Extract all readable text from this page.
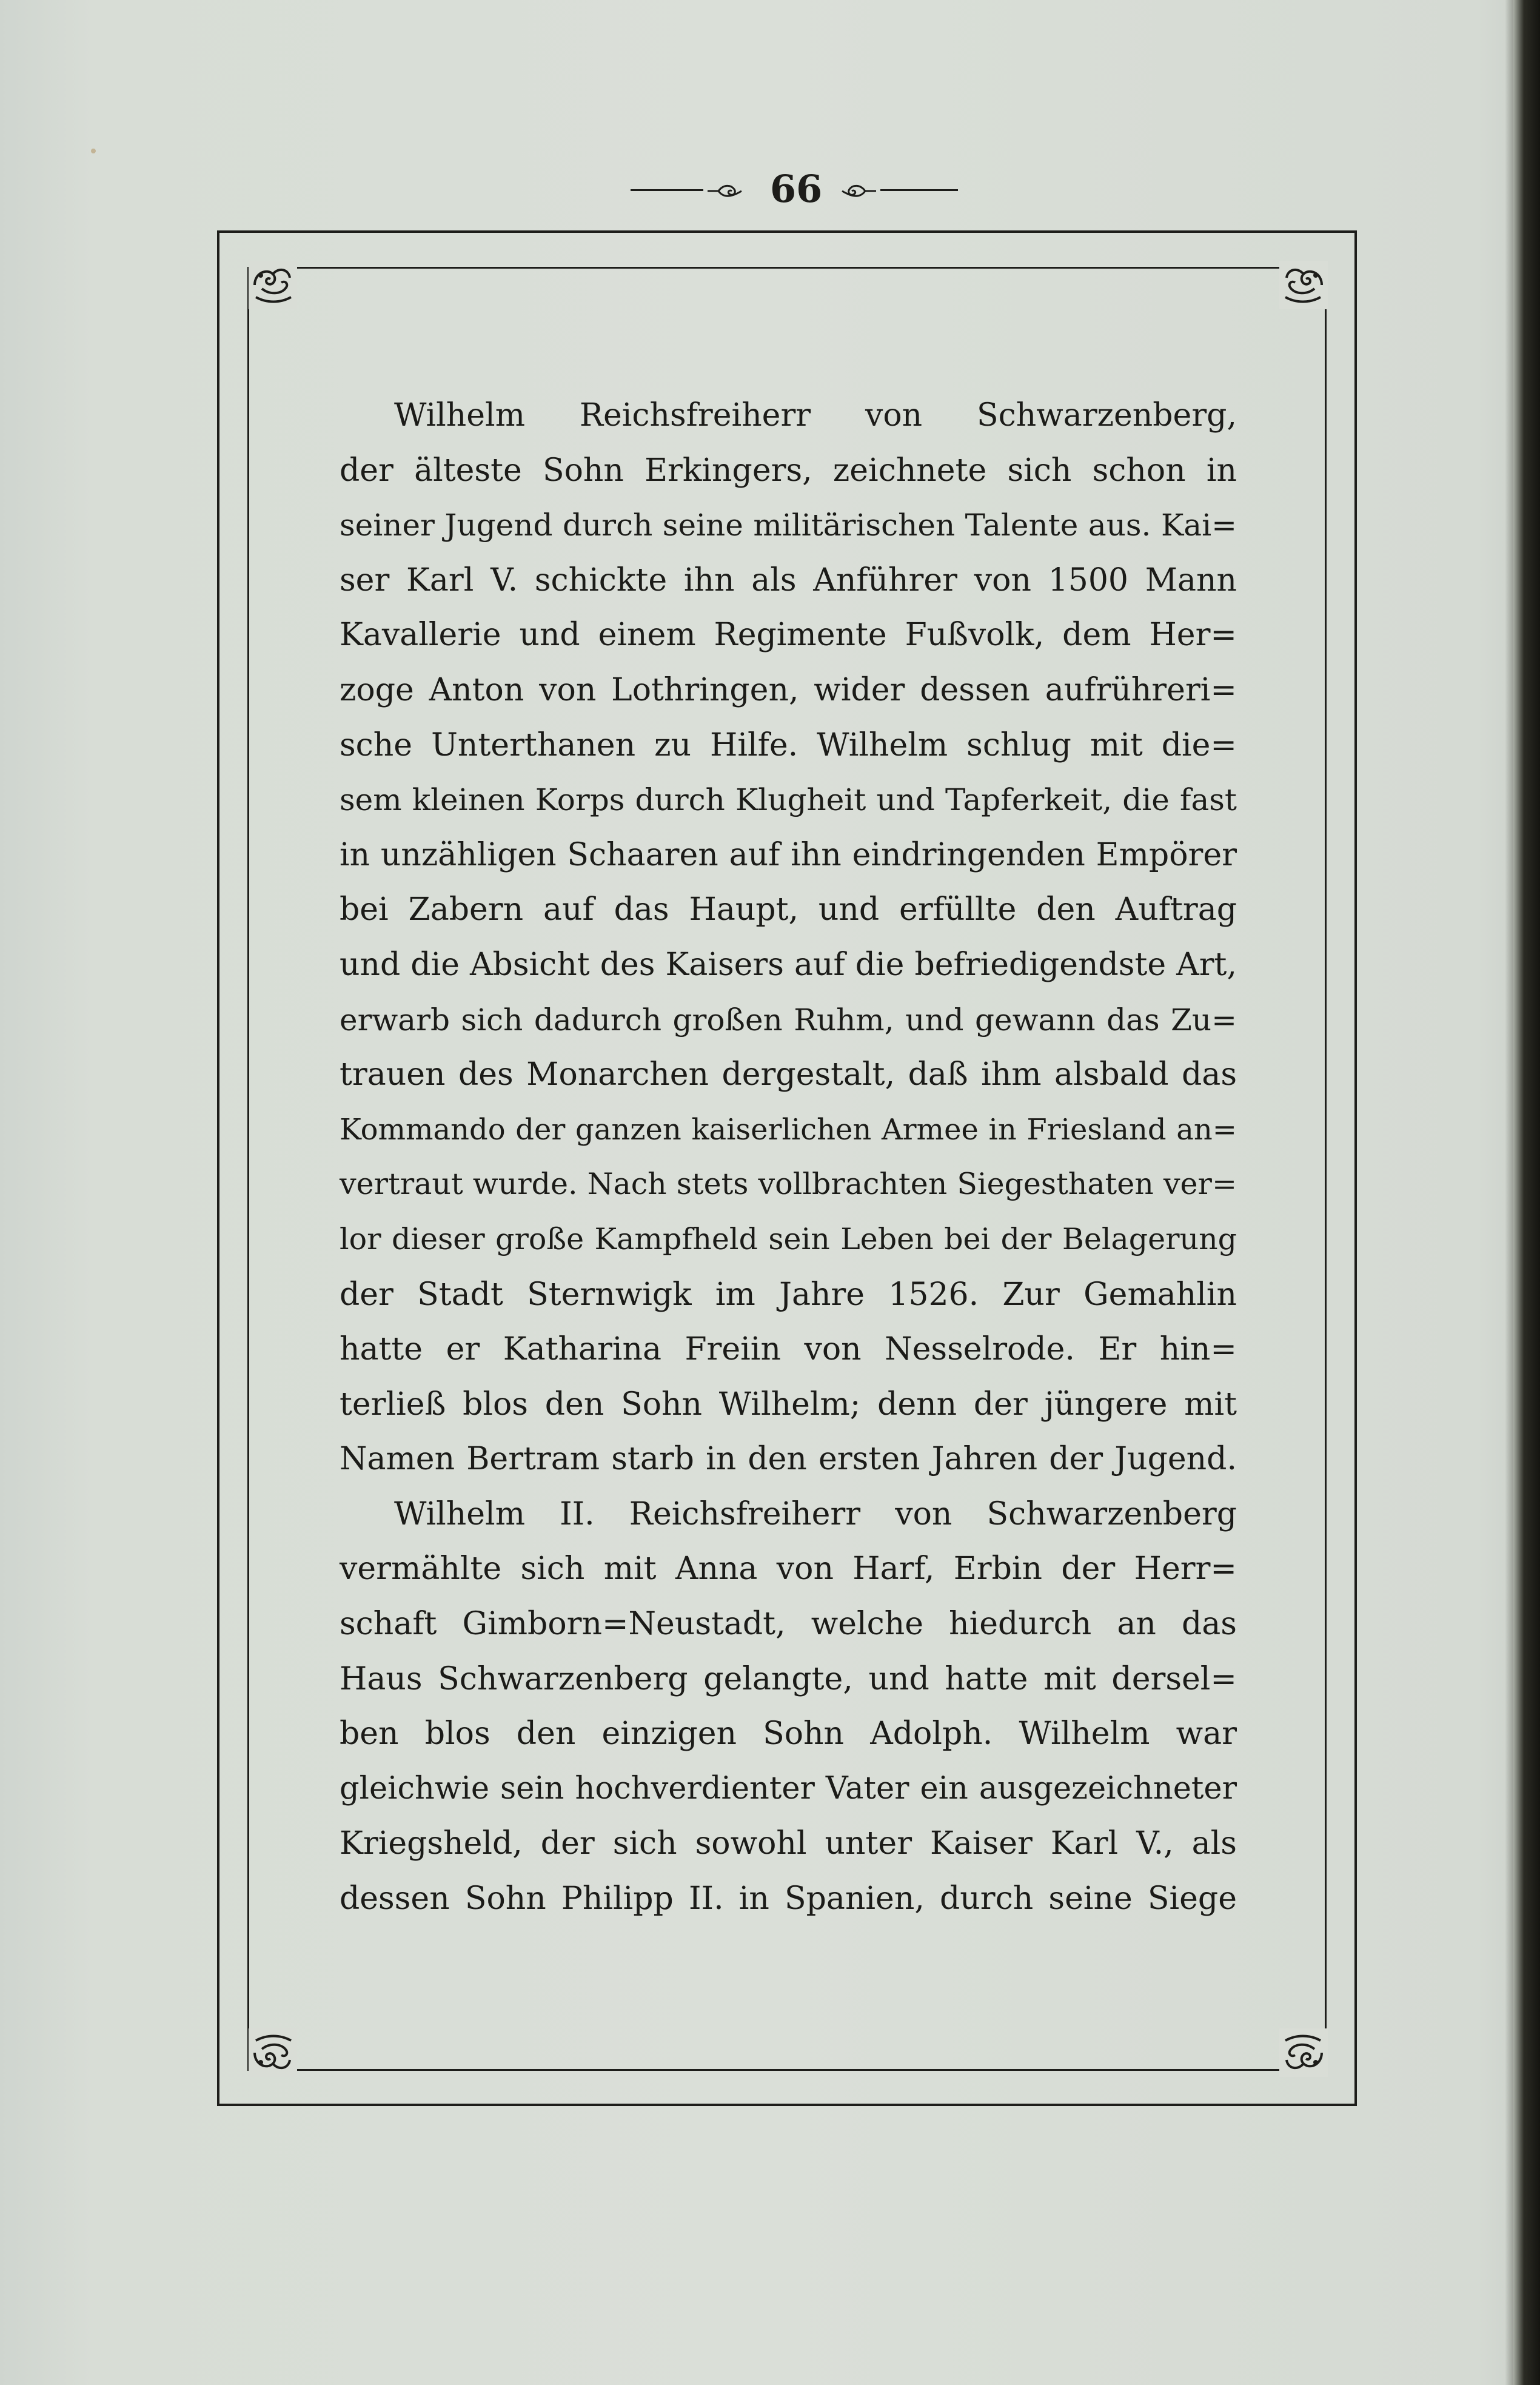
66
Wilhelm Reichsfreiherr von Schwarzenberg,
der älteste Sohn Erkingers, zeichnete sich schon in
seiner Jugend durch seine militärischen Talente aus. Kai=
ser Karl V. schickte ihn als Anführer von 1500 Mann
Kavallerie und einem Regimente Fußvolk, dem Her=
zoge Anton von Lothringen, wider dessen aufrühreri=
sche Unterthanen zu Hilfe. Wilhelm schlug mit die=
sem kleinen Korps durch Klugheit und Tapferkeit, die fast
in unzähligen Schaaren auf ihn eindringenden Empörer
bei Zabern auf das Haupt, und erfüllte den Auftrag
und die Absicht des Kaisers auf die befriedigendste Art,
erwarb sich dadurch großen Ruhm, und gewann das Zu=
trauen des Monarchen dergestalt, daß ihm alsbald das
Kommando der ganzen kaiserlichen Armee in Friesland an=
vertraut wurde. Nach stets vollbrachten Siegesthaten ver=
lor dieser große Kampfheld sein Leben bei der Belagerung
der Stadt Sternwigk im Jahre 1526. Zur Gemahlin
hatte er Katharina Freiin von Nesselrode. Er hin=
terließ blos den Sohn Wilhelm; denn der jüngere mit
Namen Bertram starb in den ersten Jahren der Jugend.
Wilhelm II. Reichsfreiherr von Schwarzenberg
vermählte sich mit Anna von Harf, Erbin der Herr=
schaft Gimborn=Neustadt, welche hiedurch an das
Haus Schwarzenberg gelangte, und hatte mit dersel=
ben blos den einzigen Sohn Adolph. Wilhelm war
gleichwie sein hochverdienter Vater ein ausgezeichneter
Kriegsheld, der sich sowohl unter Kaiser Karl V., als
dessen Sohn Philipp II. in Spanien, durch seine Siege
